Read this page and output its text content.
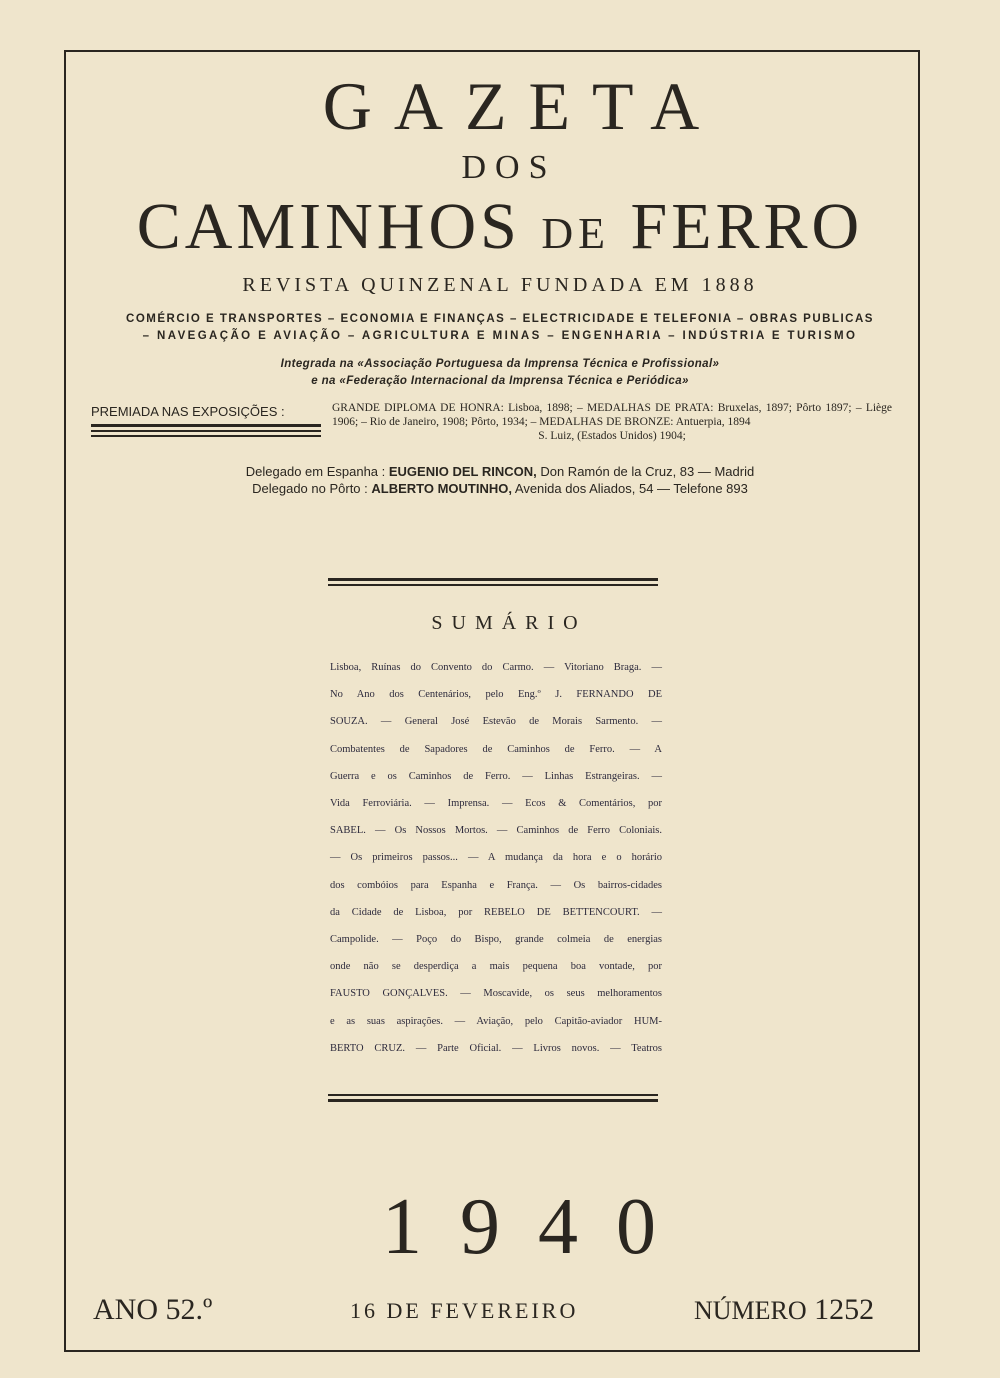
GAZETA
DOS
CAMINHOS DE FERRO
REVISTA QUINZENAL FUNDADA EM 1888
COMÉRCIO E TRANSPORTES – ECONOMIA E FINANÇAS – ELECTRICIDADE E TELEFONIA – OBRAS PUBLICAS
– NAVEGAÇÃO E AVIAÇÃO – AGRICULTURA E MINAS – ENGENHARIA – INDÚSTRIA E TURISMO
Integrada na «Associação Portuguesa da Imprensa Técnica e Profissional»
e na «Federação Internacional da Imprensa Técnica e Periódica»
PREMIADA NAS EXPOSIÇÕES :	GRANDE DIPLOMA DE HONRA: Lisboa, 1898; – MEDALHAS DE PRATA: Bruxelas, 1897; Pôrto 1897; – Liège 1906; – Rio de Janeiro, 1908; Pôrto, 1934; – MEDALHAS DE BRONZE: Antuerpia, 1894
S. Luiz, (Estados Unidos) 1904;
Delegado em Espanha : EUGENIO DEL RINCON, Don Ramón de la Cruz, 83 — Madrid
Delegado no Pôrto : ALBERTO MOUTINHO, Avenida dos Aliados, 54 — Telefone 893
SUMÁRIO
Lisboa, Ruínas do Convento do Carmo. — Vitoriano Braga. —
No Ano dos Centenários, pelo Eng.º J. FERNANDO DE
SOUZA. — General José Estevão de Morais Sarmento. —
Combatentes de Sapadores de Caminhos de Ferro. — A
Guerra e os Caminhos de Ferro. — Linhas Estrangeiras. —
Vida Ferroviária. — Imprensa. — Ecos & Comentários, por
SABEL. — Os Nossos Mortos. — Caminhos de Ferro Coloniais.
— Os primeiros passos... — A mudança da hora e o horário
dos combóios para Espanha e França. — Os bairros-cidades
da Cidade de Lisboa, por REBELO DE BETTENCOURT. —
Campolide. — Poço do Bispo, grande colmeia de energias
onde não se desperdiça a mais pequena boa vontade, por
FAUSTO GONÇALVES. — Moscavide, os seus melhoramentos
e as suas aspirações. — Aviação, pelo Capitão-aviador HUM-
BERTO CRUZ. — Parte Oficial. — Livros novos. — Teatros
1940
ANO 52.º	16 DE FEVEREIRO	NÚMERO 1252
